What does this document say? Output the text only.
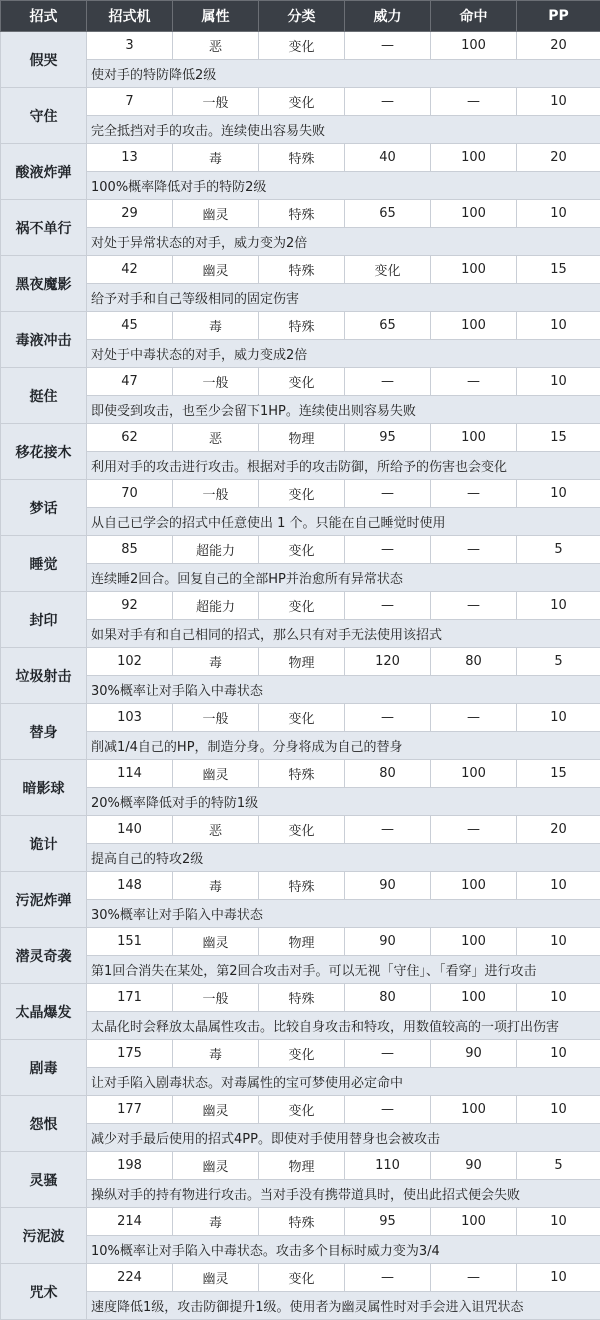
招式	招式机	属性	分类	威力	命中	PP
假哭	3	恶	变化	—	100	20
	使对手的特防降低2级					
守住	7	一般	变化	—	—	10
	完全抵挡对手的攻击。连续使出容易失败					
酸液炸弹	13	毒	特殊	40	100	20
	100%概率降低对手的特防2级					
祸不单行	29	幽灵	特殊	65	100	10
	对处于异常状态的对手，威力变为2倍					
黑夜魔影	42	幽灵	特殊	变化	100	15
	给予对手和自己等级相同的固定伤害					
毒液冲击	45	毒	特殊	65	100	10
	对处于中毒状态的对手，威力变成2倍					
挺住	47	一般	变化	—	—	10
	即使受到攻击，也至少会留下1HP。连续使出则容易失败					
移花接木	62	恶	物理	95	100	15
	利用对手的攻击进行攻击。根据对手的攻击防御，所给予的伤害也会变化					
梦话	70	一般	变化	—	—	10
	从自己已学会的招式中任意使出 1 个。只能在自己睡觉时使用					
睡觉	85	超能力	变化	—	—	5
	连续睡2回合。回复自己的全部HP并治愈所有异常状态					
封印	92	超能力	变化	—	—	10
	如果对手有和自己相同的招式，那么只有对手无法使用该招式					
垃圾射击	102	毒	物理	120	80	5
	30%概率让对手陷入中毒状态					
替身	103	一般	变化	—	—	10
	削减1/4自己的HP，制造分身。分身将成为自己的替身					
暗影球	114	幽灵	特殊	80	100	15
	20%概率降低对手的特防1级					
诡计	140	恶	变化	—	—	20
	提高自己的特攻2级					
污泥炸弹	148	毒	特殊	90	100	10
	30%概率让对手陷入中毒状态					
潜灵奇袭	151	幽灵	物理	90	100	10
	第1回合消失在某处，第2回合攻击对手。可以无视「守住」、「看穿」进行攻击					
太晶爆发	171	一般	特殊	80	100	10
	太晶化时会释放太晶属性攻击。比较自身攻击和特攻，用数值较高的一项打出伤害					
剧毒	175	毒	变化	—	90	10
	让对手陷入剧毒状态。对毒属性的宝可梦使用必定命中					
怨恨	177	幽灵	变化	—	100	10
	减少对手最后使用的招式4PP。即使对手使用替身也会被攻击					
灵骚	198	幽灵	物理	110	90	5
	操纵对手的持有物进行攻击。当对手没有携带道具时，使出此招式便会失败					
污泥波	214	毒	特殊	95	100	10
	10%概率让对手陷入中毒状态。攻击多个目标时威力变为3/4					
咒术	224	幽灵	变化	—	—	10
	速度降低1级，攻击防御提升1级。使用者为幽灵属性时对手会进入诅咒状态					
